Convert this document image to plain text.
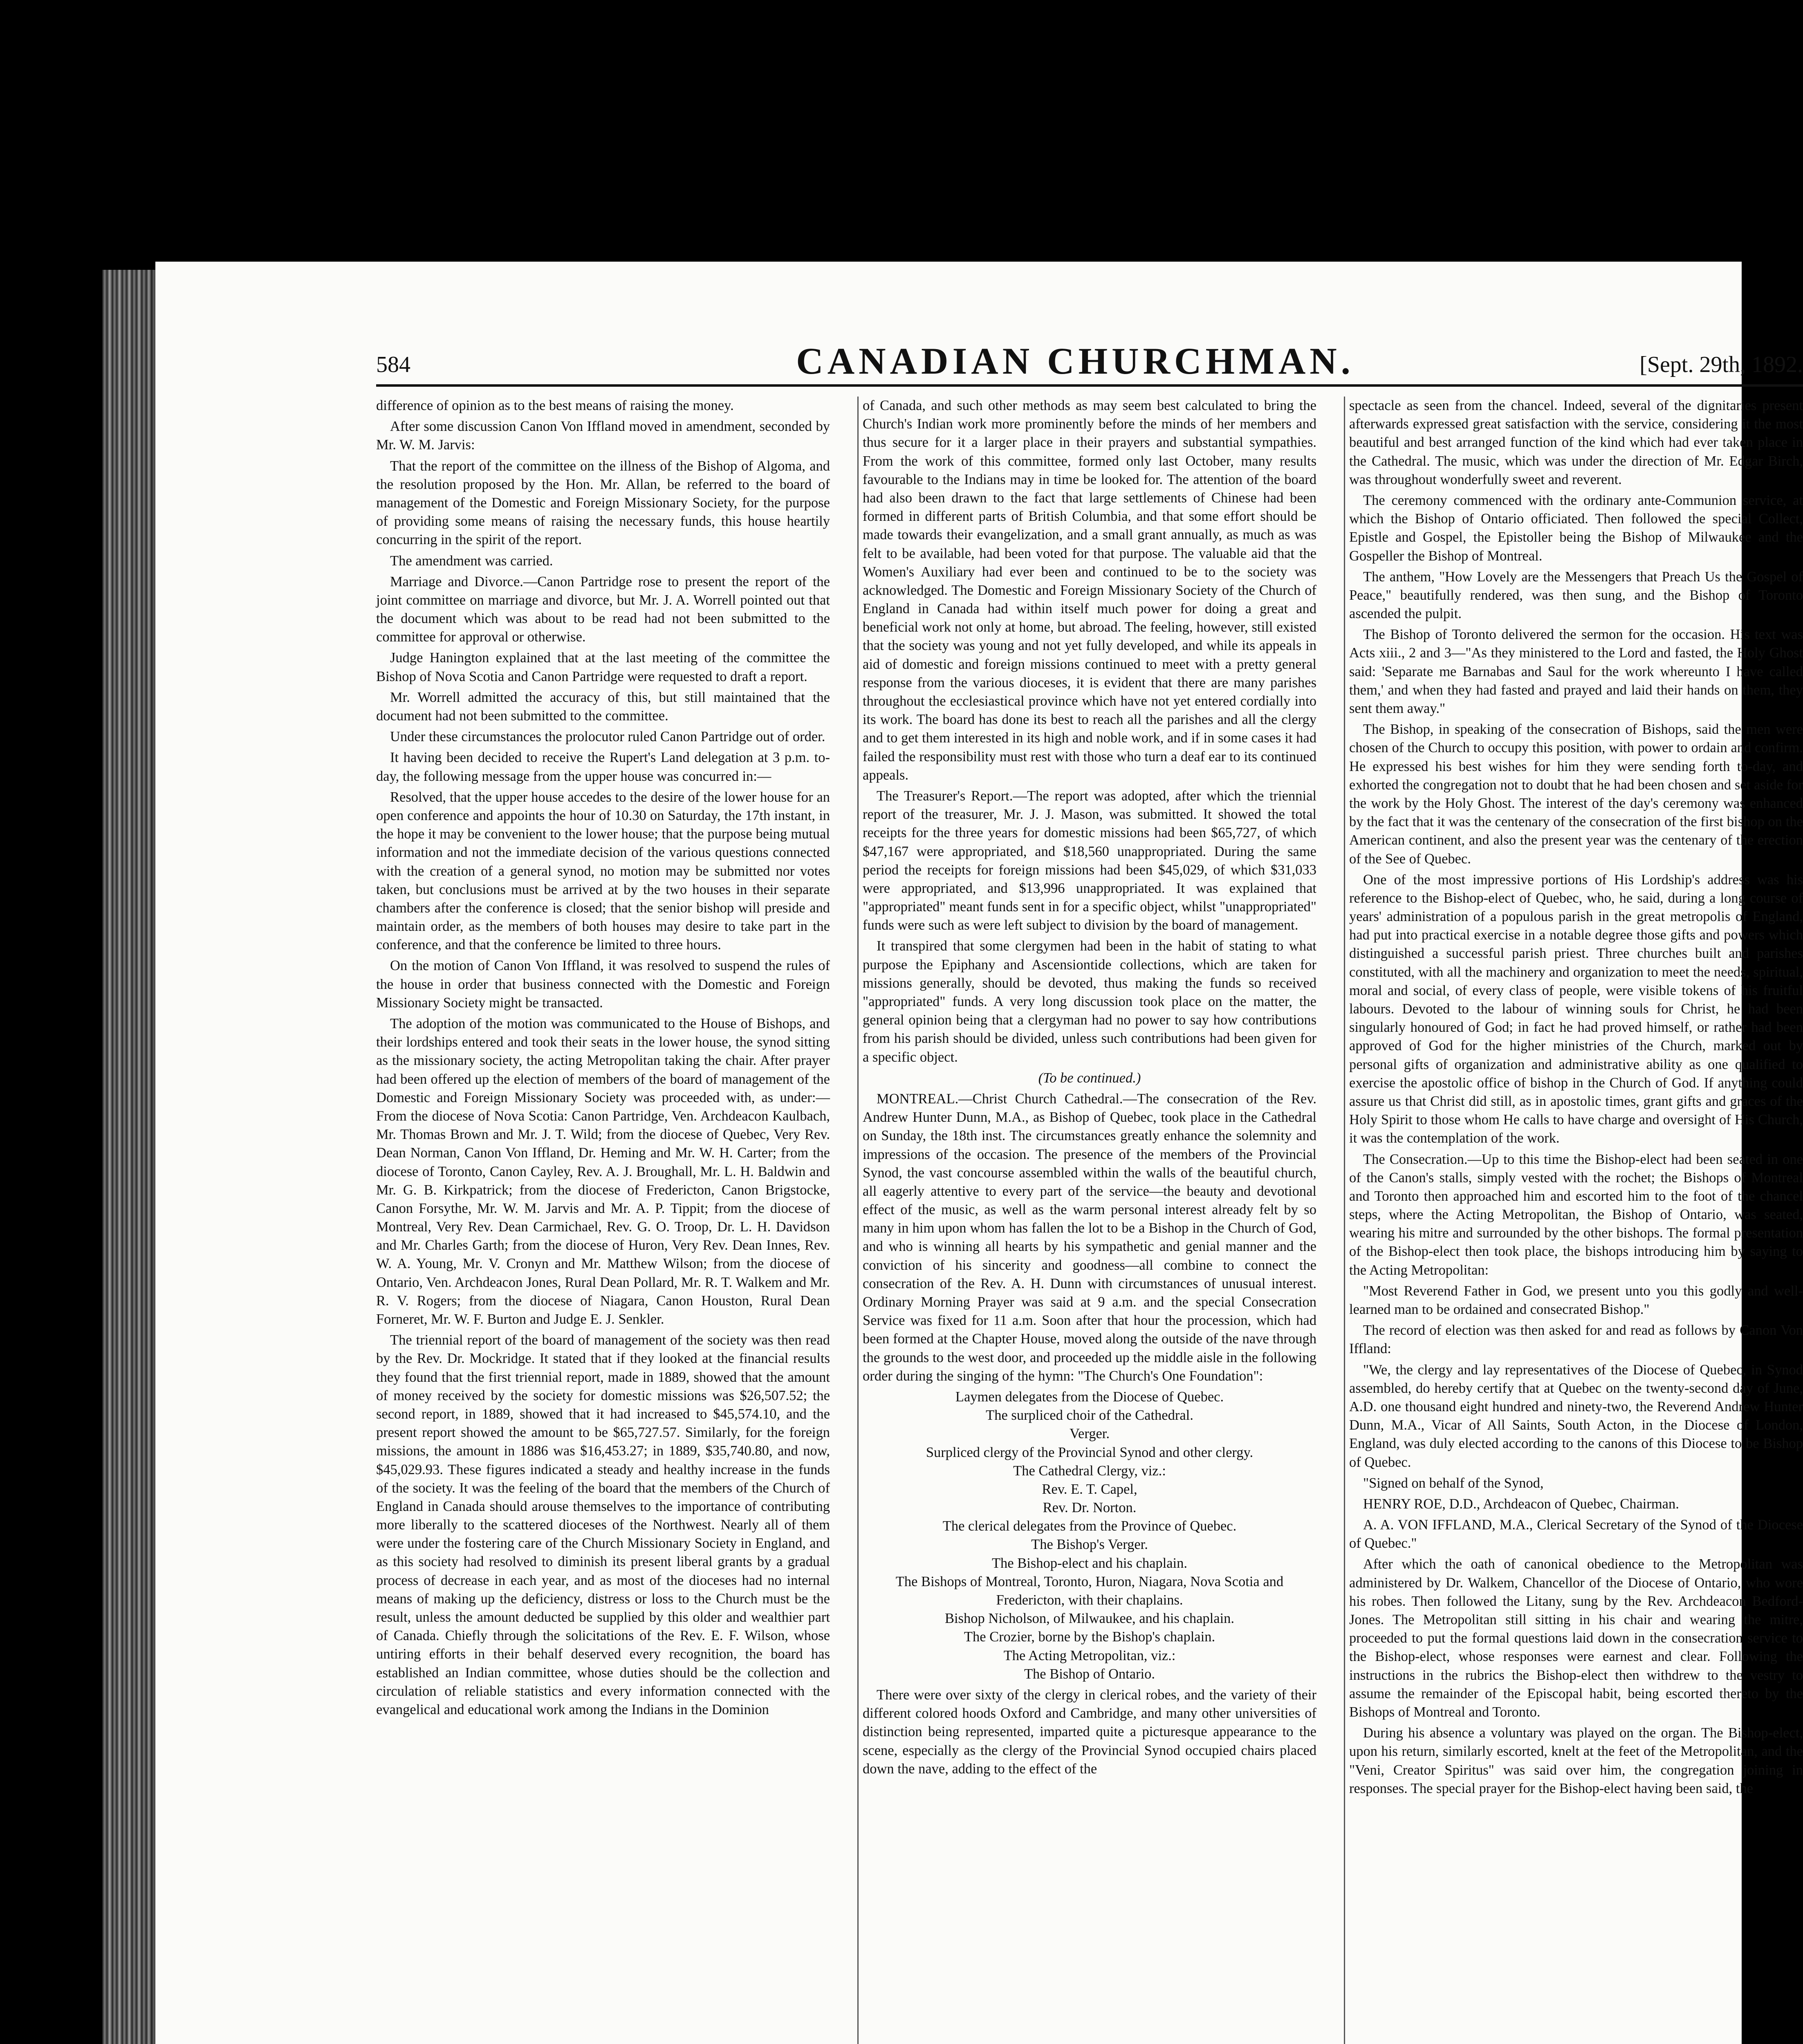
584	CANADIAN CHURCHMAN.	[Sept. 29th, 1892.

difference of opinion as to the best means of raising the money.

After some discussion Canon Von Iffland moved in amendment, seconded by Mr. W. M. Jarvis:

That the report of the committee on the illness of the Bishop of Algoma, and the resolution proposed by the Hon. Mr. Allan, be referred to the board of management of the Domestic and Foreign Missionary Society, for the purpose of providing some means of raising the necessary funds, this house heartily concurring in the spirit of the report.

The amendment was carried.

Marriage and Divorce.—Canon Partridge rose to present the report of the joint committee on marriage and divorce, but Mr. J. A. Worrell pointed out that the document which was about to be read had not been submitted to the committee for approval or otherwise.

Judge Hanington explained that at the last meeting of the committee the Bishop of Nova Scotia and Canon Partridge were requested to draft a report.

Mr. Worrell admitted the accuracy of this, but still maintained that the document had not been submitted to the committee.

Under these circumstances the prolocutor ruled Canon Partridge out of order.

It having been decided to receive the Rupert's Land delegation at 3 p.m. to-day, the following message from the upper house was concurred in:—

Resolved, that the upper house accedes to the desire of the lower house for an open conference and appoints the hour of 10.30 on Saturday, the 17th instant, in the hope it may be convenient to the lower house; that the purpose being mutual information and not the immediate decision of the various questions connected with the creation of a general synod, no motion may be submitted nor votes taken, but conclusions must be arrived at by the two houses in their separate chambers after the conference is closed; that the senior bishop will preside and maintain order, as the members of both houses may desire to take part in the conference, and that the conference be limited to three hours.

On the motion of Canon Von Iffland, it was resolved to suspend the rules of the house in order that business connected with the Domestic and Foreign Missionary Society might be transacted.

The adoption of the motion was communicated to the House of Bishops, and their lordships entered and took their seats in the lower house, the synod sitting as the missionary society, the acting Metropolitan taking the chair. After prayer had been offered up the election of members of the board of management of the Domestic and Foreign Missionary Society was proceeded with, as under:—From the diocese of Nova Scotia: Canon Partridge, Ven. Archdeacon Kaulbach, Mr. Thomas Brown and Mr. J. T. Wild; from the diocese of Quebec, Very Rev. Dean Norman, Canon Von Iffland, Dr. Heming and Mr. W. H. Carter; from the diocese of Toronto, Canon Cayley, Rev. A. J. Broughall, Mr. L. H. Baldwin and Mr. G. B. Kirkpatrick; from the diocese of Fredericton, Canon Brigstocke, Canon Forsythe, Mr. W. M. Jarvis and Mr. A. P. Tippit; from the diocese of Montreal, Very Rev. Dean Carmichael, Rev. G. O. Troop, Dr. L. H. Davidson and Mr. Charles Garth; from the diocese of Huron, Very Rev. Dean Innes, Rev. W. A. Young, Mr. V. Cronyn and Mr. Matthew Wilson; from the diocese of Ontario, Ven. Archdeacon Jones, Rural Dean Pollard, Mr. R. T. Walkem and Mr. R. V. Rogers; from the diocese of Niagara, Canon Houston, Rural Dean Forneret, Mr. W. F. Burton and Judge E. J. Senkler.

The triennial report of the board of management of the society was then read by the Rev. Dr. Mockridge. It stated that if they looked at the financial results they found that the first triennial report, made in 1889, showed that the amount of money received by the society for domestic missions was $26,507.52; the second report, in 1889, showed that it had increased to $45,574.10, and the present report showed the amount to be $65,727.57. Similarly, for the foreign missions, the amount in 1886 was $16,453.27; in 1889, $35,740.80, and now, $45,029.93. These figures indicated a steady and healthy increase in the funds of the society. It was the feeling of the board that the members of the Church of England in Canada should arouse themselves to the importance of contributing more liberally to the scattered dioceses of the Northwest. Nearly all of them were under the fostering care of the Church Missionary Society in England, and as this society had resolved to diminish its present liberal grants by a gradual process of decrease in each year, and as most of the dioceses had no internal means of making up the deficiency, distress or loss to the Church must be the result, unless the amount deducted be supplied by this older and wealthier part of Canada. Chiefly through the solicitations of the Rev. E. F. Wilson, whose untiring efforts in their behalf deserved every recognition, the board has established an Indian committee, whose duties should be the collection and circulation of reliable statistics and every information connected with the evangelical and educational work among the Indians in the Dominion

of Canada, and such other methods as may seem best calculated to bring the Church's Indian work more prominently before the minds of her members and thus secure for it a larger place in their prayers and substantial sympathies. From the work of this committee, formed only last October, many results favourable to the Indians may in time be looked for. The attention of the board had also been drawn to the fact that large settlements of Chinese had been formed in different parts of British Columbia, and that some effort should be made towards their evangelization, and a small grant annually, as much as was felt to be available, had been voted for that purpose. The valuable aid that the Women's Auxiliary had ever been and continued to be to the society was acknowledged. The Domestic and Foreign Missionary Society of the Church of England in Canada had within itself much power for doing a great and beneficial work not only at home, but abroad. The feeling, however, still existed that the society was young and not yet fully developed, and while its appeals in aid of domestic and foreign missions continued to meet with a pretty general response from the various dioceses, it is evident that there are many parishes throughout the ecclesiastical province which have not yet entered cordially into its work. The board has done its best to reach all the parishes and all the clergy and to get them interested in its high and noble work, and if in some cases it had failed the responsibility must rest with those who turn a deaf ear to its continued appeals.

The Treasurer's Report.—The report was adopted, after which the triennial report of the treasurer, Mr. J. J. Mason, was submitted. It showed the total receipts for the three years for domestic missions had been $65,727, of which $47,167 were appropriated, and $18,560 unappropriated. During the same period the receipts for foreign missions had been $45,029, of which $31,033 were appropriated, and $13,996 unappropriated. It was explained that "appropriated" meant funds sent in for a specific object, whilst "unappropriated" funds were such as were left subject to division by the board of management.

It transpired that some clergymen had been in the habit of stating to what purpose the Epiphany and Ascensiontide collections, which are taken for missions generally, should be devoted, thus making the funds so received "appropriated" funds. A very long discussion took place on the matter, the general opinion being that a clergyman had no power to say how contributions from his parish should be divided, unless such contributions had been given for a specific object.

(To be continued.)

MONTREAL.—Christ Church Cathedral.—The consecration of the Rev. Andrew Hunter Dunn, M.A., as Bishop of Quebec, took place in the Cathedral on Sunday, the 18th inst. The circumstances greatly enhance the solemnity and impressions of the occasion. The presence of the members of the Provincial Synod, the vast concourse assembled within the walls of the beautiful church, all eagerly attentive to every part of the service—the beauty and devotional effect of the music, as well as the warm personal interest already felt by so many in him upon whom has fallen the lot to be a Bishop in the Church of God, and who is winning all hearts by his sympathetic and genial manner and the conviction of his sincerity and goodness—all combine to connect the consecration of the Rev. A. H. Dunn with circumstances of unusual interest. Ordinary Morning Prayer was said at 9 a.m. and the special Consecration Service was fixed for 11 a.m. Soon after that hour the procession, which had been formed at the Chapter House, moved along the outside of the nave through the grounds to the west door, and proceeded up the middle aisle in the following order during the singing of the hymn: "The Church's One Foundation":

Laymen delegates from the Diocese of Quebec.
The surpliced choir of the Cathedral.
Verger.
Surpliced clergy of the Provincial Synod and other clergy.
The Cathedral Clergy, viz.:
Rev. E. T. Capel,
Rev. Dr. Norton.
The clerical delegates from the Province of Quebec.
The Bishop's Verger.
The Bishop-elect and his chaplain.
The Bishops of Montreal, Toronto, Huron, Niagara, Nova Scotia and Fredericton, with their chaplains.
Bishop Nicholson, of Milwaukee, and his chaplain.
The Crozier, borne by the Bishop's chaplain.
The Acting Metropolitan, viz.:
The Bishop of Ontario.

There were over sixty of the clergy in clerical robes, and the variety of their different colored hoods Oxford and Cambridge, and many other universities of distinction being represented, imparted quite a picturesque appearance to the scene, especially as the clergy of the Provincial Synod occupied chairs placed down the nave, adding to the effect of the

spectacle as seen from the chancel. Indeed, several of the dignitaries present afterwards expressed great satisfaction with the service, considering it the most beautiful and best arranged function of the kind which had ever taken place in the Cathedral. The music, which was under the direction of Mr. Edgar Birch, was throughout wonderfully sweet and reverent.

The ceremony commenced with the ordinary ante-Communion service, at which the Bishop of Ontario officiated. Then followed the special Collect, Epistle and Gospel, the Epistoller being the Bishop of Milwaukee and the Gospeller the Bishop of Montreal.

The anthem, "How Lovely are the Messengers that Preach Us the Gospel of Peace," beautifully rendered, was then sung, and the Bishop of Toronto ascended the pulpit.

The Bishop of Toronto delivered the sermon for the occasion. His text was Acts xiii., 2 and 3—"As they ministered to the Lord and fasted, the Holy Ghost said: 'Separate me Barnabas and Saul for the work whereunto I have called them,' and when they had fasted and prayed and laid their hands on them, they sent them away."

The Bishop, in speaking of the consecration of Bishops, said the men were chosen of the Church to occupy this position, with power to ordain and confirm. He expressed his best wishes for him they were sending forth to-day, and exhorted the congregation not to doubt that he had been chosen and set aside for the work by the Holy Ghost. The interest of the day's ceremony was enhanced by the fact that it was the centenary of the consecration of the first bishop on the American continent, and also the present year was the centenary of the erection of the See of Quebec.

One of the most impressive portions of His Lordship's address was his reference to the Bishop-elect of Quebec, who, he said, during a long course of years' administration of a populous parish in the great metropolis of England, had put into practical exercise in a notable degree those gifts and powers which distinguished a successful parish priest. Three churches built and parishes constituted, with all the machinery and organization to meet the needs, spiritual, moral and social, of every class of people, were visible tokens of his fruitful labours. Devoted to the labour of winning souls for Christ, he had been singularly honoured of God; in fact he had proved himself, or rather had been approved of God for the higher ministries of the Church, marked out by personal gifts of organization and administrative ability as one qualified to exercise the apostolic office of bishop in the Church of God. If anything could assure us that Christ did still, as in apostolic times, grant gifts and graces of the Holy Spirit to those whom He calls to have charge and oversight of His Church, it was the contemplation of the work.

The Consecration.—Up to this time the Bishop-elect had been seated in one of the Canon's stalls, simply vested with the rochet; the Bishops of Montreal and Toronto then approached him and escorted him to the foot of the chancel steps, where the Acting Metropolitan, the Bishop of Ontario, was seated, wearing his mitre and surrounded by the other bishops. The formal presentation of the Bishop-elect then took place, the bishops introducing him by saying to the Acting Metropolitan:

"Most Reverend Father in God, we present unto you this godly and well-learned man to be ordained and consecrated Bishop."

The record of election was then asked for and read as follows by Canon Von Iffland:

"We, the clergy and lay representatives of the Diocese of Quebec, in Synod assembled, do hereby certify that at Quebec on the twenty-second day of June, A.D. one thousand eight hundred and ninety-two, the Reverend Andrew Hunter Dunn, M.A., Vicar of All Saints, South Acton, in the Diocese of London, England, was duly elected according to the canons of this Diocese to be Bishop of Quebec.

"Signed on behalf of the Synod,

HENRY ROE, D.D., Archdeacon of Quebec, Chairman.

A. A. VON IFFLAND, M.A., Clerical Secretary of the Synod of the Diocese of Quebec."

After which the oath of canonical obedience to the Metropolitan was administered by Dr. Walkem, Chancellor of the Diocese of Ontario, who wore his robes. Then followed the Litany, sung by the Rev. Archdeacon Bedford-Jones. The Metropolitan still sitting in his chair and wearing the mitre, proceeded to put the formal questions laid down in the consecration service to the Bishop-elect, whose responses were earnest and clear. Following the instructions in the rubrics the Bishop-elect then withdrew to the vestry to assume the remainder of the Episcopal habit, being escorted thereto by the Bishops of Montreal and Toronto.

During his absence a voluntary was played on the organ. The Bishop-elect, upon his return, similarly escorted, knelt at the feet of the Metropolitan, and the "Veni, Creator Spiritus" was said over him, the congregation joining in responses. The special prayer for the Bishop-elect having been said, the
